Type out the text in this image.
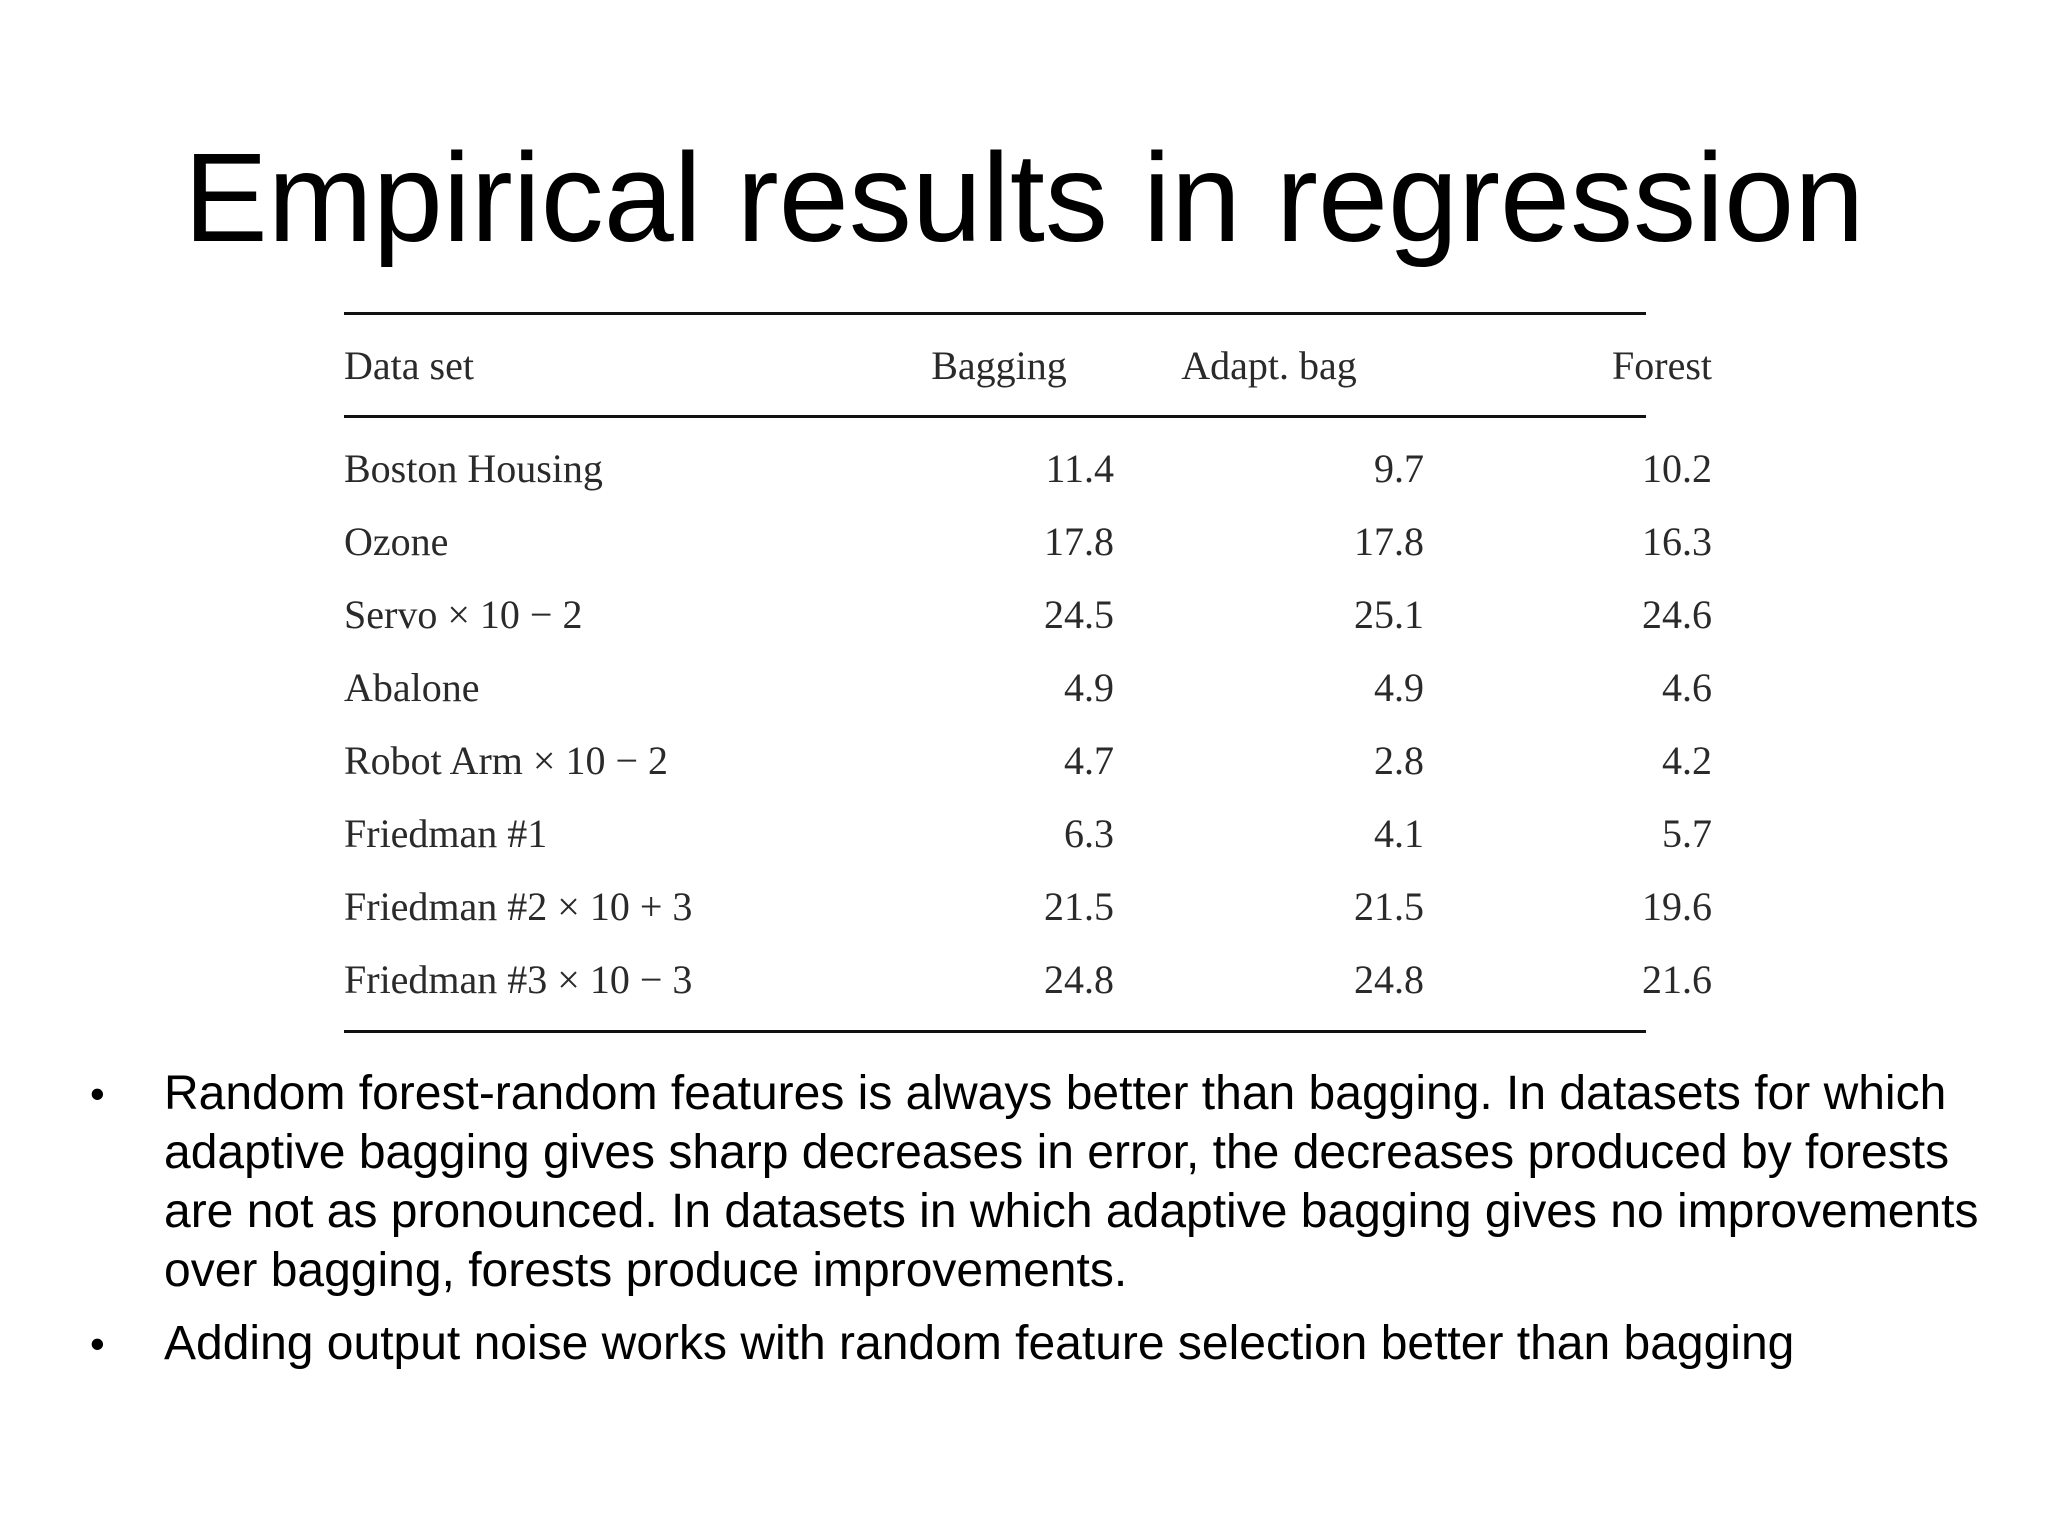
Empirical results in regression
Data set	Bagging	Adapt. bag	Forest
Boston Housing	11.4	9.7	10.2
Ozone	17.8	17.8	16.3
Servo × 10 − 2	24.5	25.1	24.6
Abalone	4.9	4.9	4.6
Robot Arm × 10 − 2	4.7	2.8	4.2
Friedman #1	6.3	4.1	5.7
Friedman #2 × 10 + 3	21.5	21.5	19.6
Friedman #3 × 10 − 3	24.8	24.8	21.6
• Random forest-random features is always better than bagging. In datasets for which adaptive bagging gives sharp decreases in error, the decreases produced by forests are not as pronounced. In datasets in which adaptive bagging gives no improvements over bagging, forests produce improvements.
• Adding output noise works with random feature selection better than bagging
